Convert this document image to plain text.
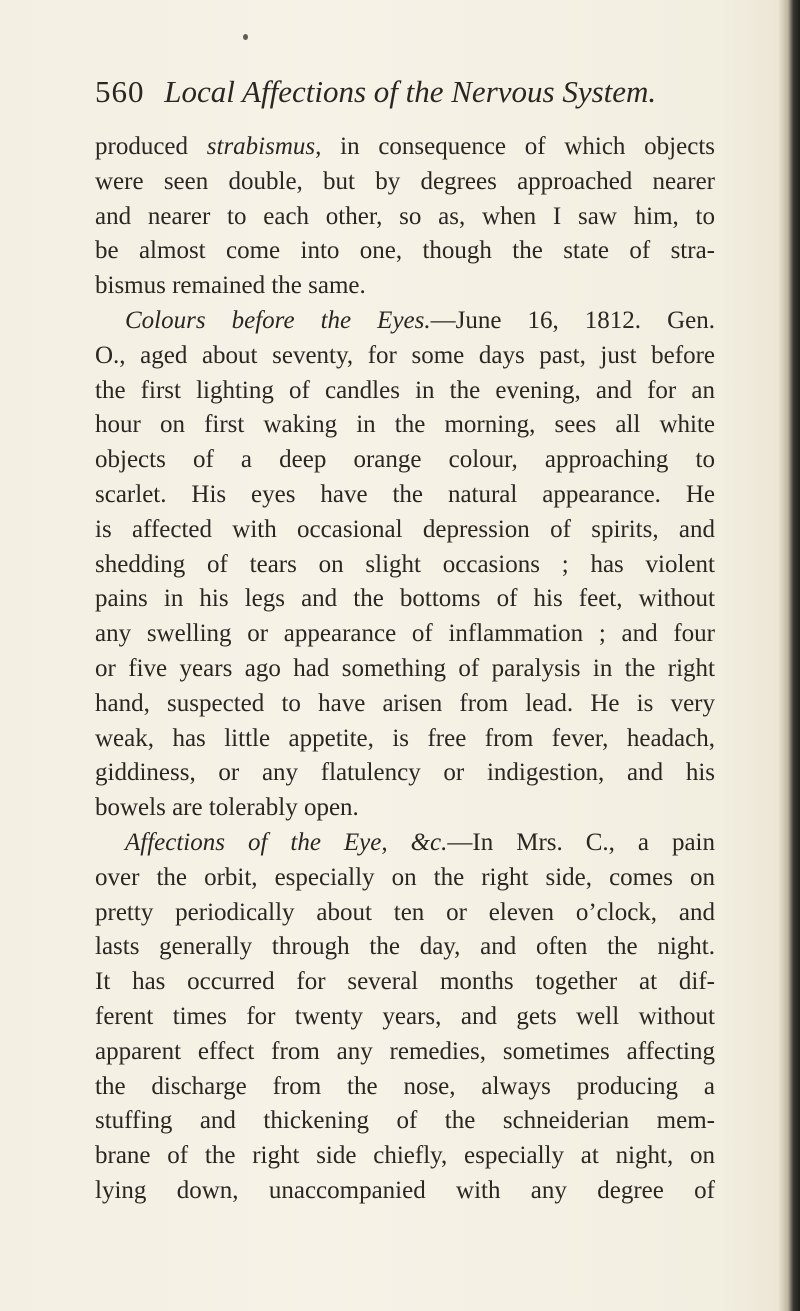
560 Local Affections of the Nervous System.
produced strabismus, in consequence of which objects
were seen double, but by degrees approached nearer
and nearer to each other, so as, when I saw him, to
be almost come into one, though the state of stra-
bismus remained the same.
Colours before the Eyes.—June 16, 1812. Gen.
O., aged about seventy, for some days past, just before
the first lighting of candles in the evening, and for an
hour on first waking in the morning, sees all white
objects of a deep orange colour, approaching to
scarlet. His eyes have the natural appearance. He
is affected with occasional depression of spirits, and
shedding of tears on slight occasions ; has violent
pains in his legs and the bottoms of his feet, without
any swelling or appearance of inflammation ; and four
or five years ago had something of paralysis in the right
hand, suspected to have arisen from lead. He is very
weak, has little appetite, is free from fever, headach,
giddiness, or any flatulency or indigestion, and his
bowels are tolerably open.
Affections of the Eye, &c.—In Mrs. C., a pain
over the orbit, especially on the right side, comes on
pretty periodically about ten or eleven o’clock, and
lasts generally through the day, and often the night.
It has occurred for several months together at dif-
ferent times for twenty years, and gets well without
apparent effect from any remedies, sometimes affecting
the discharge from the nose, always producing a
stuffing and thickening of the schneiderian mem-
brane of the right side chiefly, especially at night, on
lying down, unaccompanied with any degree of
